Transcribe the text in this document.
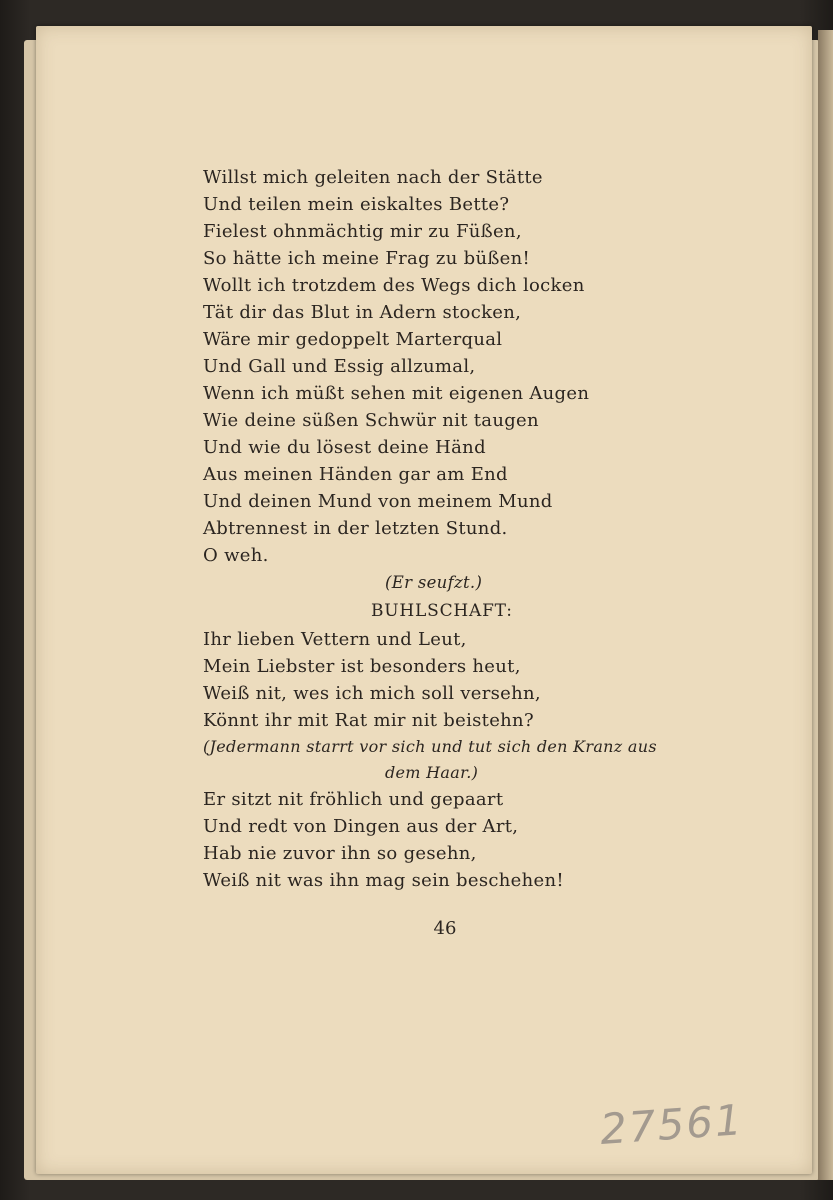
Willst mich geleiten nach der Stätte
Und teilen mein eiskaltes Bette?
Fielest ohnmächtig mir zu Füßen,
So hätte ich meine Frag zu büßen!
Wollt ich trotzdem des Wegs dich locken
Tät dir das Blut in Adern stocken,
Wäre mir gedoppelt Marterqual
Und Gall und Essig allzumal,
Wenn ich müßt sehen mit eigenen Augen
Wie deine süßen Schwür nit taugen
Und wie du lösest deine Händ
Aus meinen Händen gar am End
Und deinen Mund von meinem Mund
Abtrennest in der letzten Stund.
O weh.
(Er seufzt.)
BUHLSCHAFT:
Ihr lieben Vettern und Leut,
Mein Liebster ist besonders heut,
Weiß nit, wes ich mich soll versehn,
Könnt ihr mit Rat mir nit beistehn?
(Jedermann starrt vor sich und tut sich den Kranz aus
dem Haar.)
Er sitzt nit fröhlich und gepaart
Und redt von Dingen aus der Art,
Hab nie zuvor ihn so gesehn,
Weiß nit was ihn mag sein beschehen!
46
27561
